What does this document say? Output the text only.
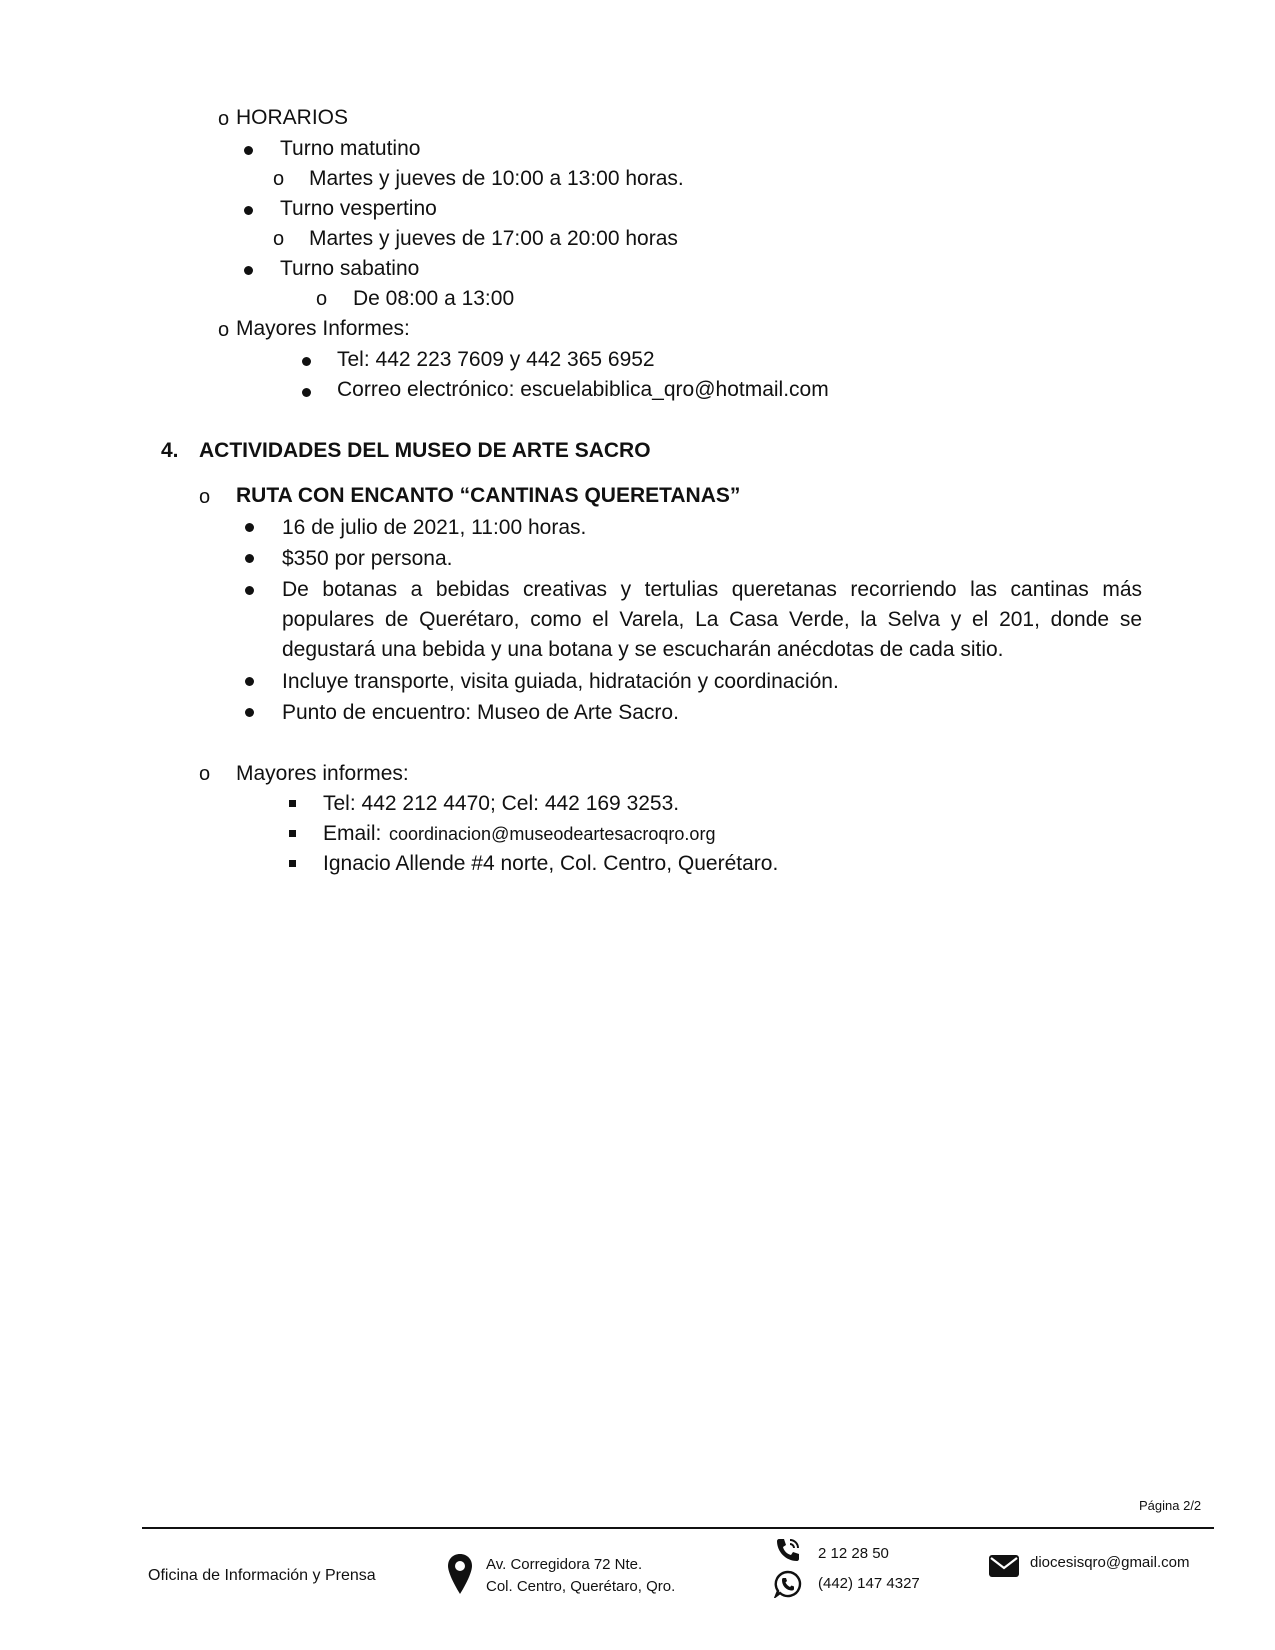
o HORARIOS
Turno matutino
o Martes y jueves de 10:00 a 13:00 horas.
Turno vespertino
o Martes y jueves de 17:00 a 20:00 horas
Turno sabatino
o De 08:00 a 13:00
o Mayores Informes:
Tel: 442 223 7609 y 442 365 6952
Correo electrónico: escuelabiblica_qro@hotmail.com
4. ACTIVIDADES DEL MUSEO DE ARTE SACRO
o RUTA CON ENCANTO “CANTINAS QUERETANAS”
16 de julio de 2021, 11:00 horas.
$350 por persona.
De botanas a bebidas creativas y tertulias queretanas recorriendo las cantinas más populares de Querétaro, como el Varela, La Casa Verde, la Selva y el 201, donde se degustará una bebida y una botana y se escucharán anécdotas de cada sitio.
Incluye transporte, visita guiada, hidratación y coordinación.
Punto de encuentro: Museo de Arte Sacro.
o Mayores informes:
Tel: 442 212 4470; Cel: 442 169 3253.
Email: coordinacion@museodeartesacroqro.org
Ignacio Allende #4 norte, Col. Centro, Querétaro.
Página 2/2
Oficina de Información y Prensa
Av. Corregidora 72 Nte.
Col. Centro, Querétaro, Qro.
2 12 28 50
(442) 147 4327
diocesisqro@gmail.com
